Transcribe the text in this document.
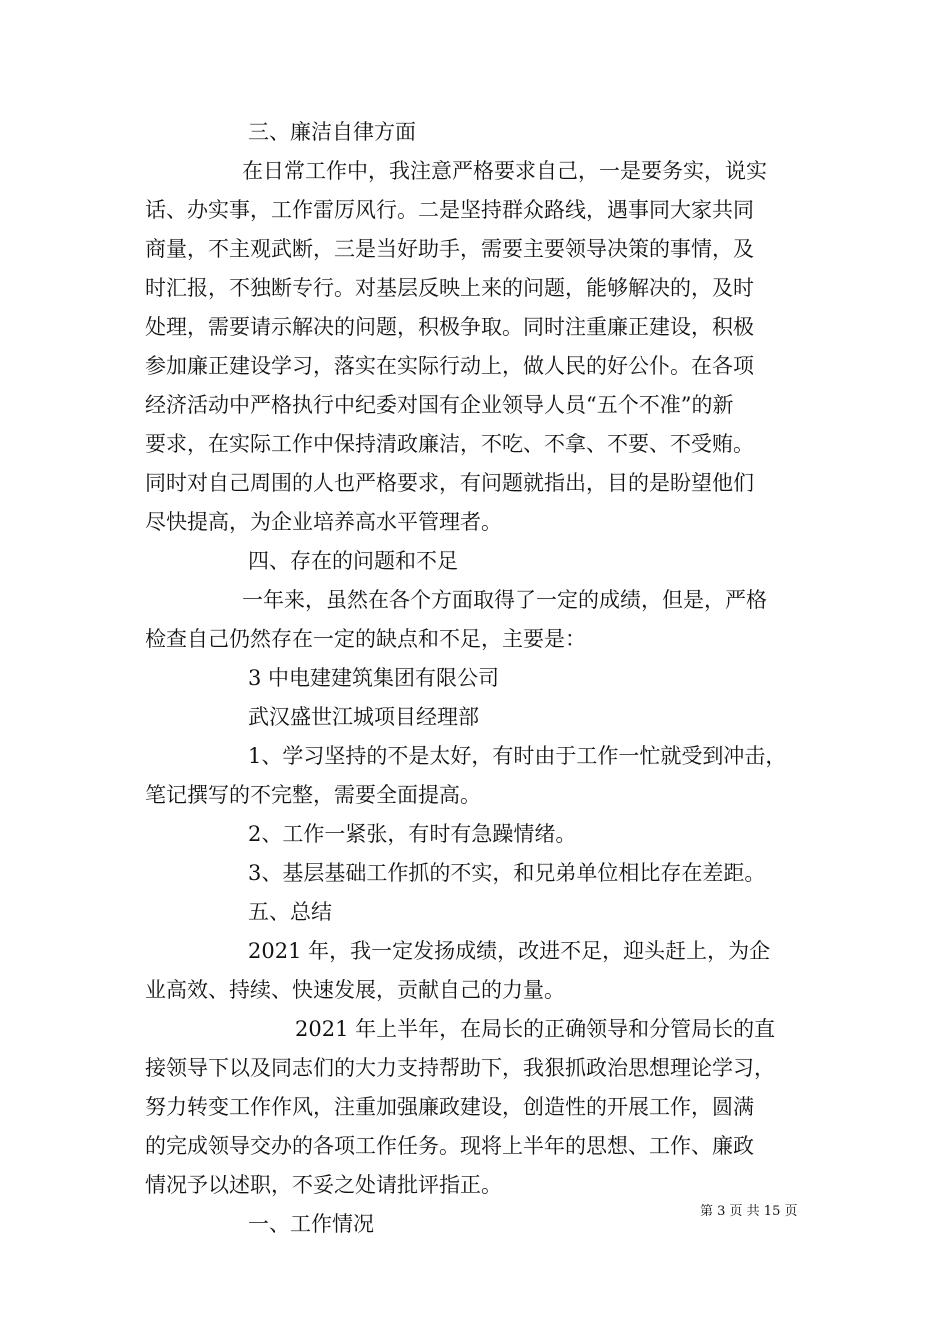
三、廉洁自律方面
在日常工作中，我注意严格要求自己，一是要务实，说实
话、办实事，工作雷厉风行。二是坚持群众路线，遇事同大家共同
商量，不主观武断，三是当好助手，需要主要领导决策的事情，及
时汇报，不独断专行。对基层反映上来的问题，能够解决的，及时
处理，需要请示解决的问题，积极争取。同时注重廉正建设，积极
参加廉正建设学习，落实在实际行动上，做人民的好公仆。在各项
经济活动中严格执行中纪委对国有企业领导人员“五个不准”的新
要求，在实际工作中保持清政廉洁，不吃、不拿、不要、不受贿。
同时对自己周围的人也严格要求，有问题就指出，目的是盼望他们
尽快提高，为企业培养高水平管理者。
四、存在的问题和不足
一年来，虽然在各个方面取得了一定的成绩，但是，严格
检查自己仍然存在一定的缺点和不足，主要是：
3 中电建建筑集团有限公司
武汉盛世江城项目经理部
1、学习坚持的不是太好，有时由于工作一忙就受到冲击，
笔记撰写的不完整，需要全面提高。
2、工作一紧张，有时有急躁情绪。
3、基层基础工作抓的不实，和兄弟单位相比存在差距。
五、总结
2021 年，我一定发扬成绩，改进不足，迎头赶上，为企
业高效、持续、快速发展，贡献自己的力量。
2021 年上半年，在局长的正确领导和分管局长的直
接领导下以及同志们的大力支持帮助下，我狠抓政治思想理论学习，
努力转变工作作风，注重加强廉政建设，创造性的开展工作，圆满
的完成领导交办的各项工作任务。现将上半年的思想、工作、廉政
情况予以述职，不妥之处请批评指正。
一、工作情况
第 3 页 共 15 页
